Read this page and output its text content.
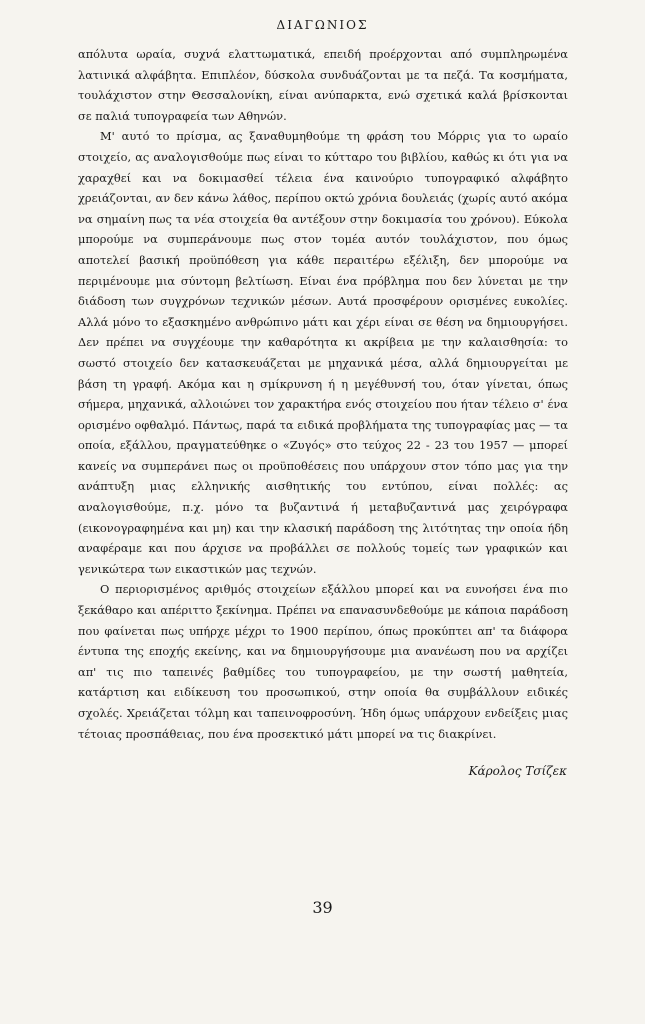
ΔΙΑΓΩΝΙΟΣ

απόλυτα ωραία, συχνά ελαττωματικά, επειδή προέρχονται από συμπληρωμένα λατινικά αλφάβητα. Επιπλέον, δύσκολα συνδυάζονται με τα πεζά. Τα κοσμήματα, τουλάχιστον στην Θεσσαλονίκη, είναι ανύπαρκτα, ενώ σχετικά καλά βρίσκονται σε παλιά τυπογραφεία των Αθηνών.

Μ' αυτό το πρίσμα, ας ξαναθυμηθούμε τη φράση του Μόρρις για το ωραίο στοιχείο, ας αναλογισθούμε πως είναι το κύτταρο του βιβλίου, καθώς κι ότι για να χαραχθεί και να δοκιμασθεί τέλεια ένα καινούριο τυπογραφικό αλφάβητο χρειάζονται, αν δεν κάνω λάθος, περίπου οκτώ χρόνια δουλειάς (χωρίς αυτό ακόμα να σημαίνη πως τα νέα στοιχεία θα αντέξουν στην δοκιμασία του χρόνου). Εύκολα μπορούμε να συμπεράνουμε πως στον τομέα αυτόν τουλάχιστον, που όμως αποτελεί βασική προϋπόθεση για κάθε περαιτέρω εξέλιξη, δεν μπορούμε να περιμένουμε μια σύντομη βελτίωση. Είναι ένα πρόβλημα που δεν λύνεται με την διάδοση των συγχρόνων τεχνικών μέσων. Αυτά προσφέρουν ορισμένες ευκολίες. Αλλά μόνο το εξασκημένο ανθρώπινο μάτι και χέρι είναι σε θέση να δημιουργήσει. Δεν πρέπει να συγχέουμε την καθαρότητα κι ακρίβεια με την καλαισθησία: το σωστό στοιχείο δεν κατασκευάζεται με μηχανικά μέσα, αλλά δημιουργείται με βάση τη γραφή. Ακόμα και η σμίκρυνση ή η μεγέθυνσή του, όταν γίνεται, όπως σήμερα, μηχανικά, αλλοιώνει τον χαρακτήρα ενός στοιχείου που ήταν τέλειο σ' ένα ορισμένο οφθαλμό. Πάντως, παρά τα ειδικά προβλήματα της τυπογραφίας μας — τα οποία, εξάλλου, πραγματεύθηκε ο «Ζυγός» στο τεύχος 22 - 23 του 1957 — μπορεί κανείς να συμπεράνει πως οι προϋποθέσεις που υπάρχουν στον τόπο μας για την ανάπτυξη μιας ελληνικής αισθητικής του εντύπου, είναι πολλές: ας αναλογισθούμε, π.χ. μόνο τα βυζαντινά ή μεταβυζαντινά μας χειρόγραφα (εικονογραφημένα και μη) και την κλασική παράδοση της λιτότητας την οποία ήδη αναφέραμε και που άρχισε να προβάλλει σε πολλούς τομείς των γραφικών και γενικώτερα των εικαστικών μας τεχνών.

Ο περιορισμένος αριθμός στοιχείων εξάλλου μπορεί και να ευνοήσει ένα πιο ξεκάθαρο και απέριττο ξεκίνημα. Πρέπει να επανασυνδεθούμε με κάποια παράδοση που φαίνεται πως υπήρχε μέχρι το 1900 περίπου, όπως προκύπτει απ' τα διάφορα έντυπα της εποχής εκείνης, και να δημιουργήσουμε μια ανανέωση που να αρχίζει απ' τις πιο ταπεινές βαθμίδες του τυπογραφείου, με την σωστή μαθητεία, κατάρτιση και ειδίκευση του προσωπικού, στην οποία θα συμβάλλουν ειδικές σχολές. Χρειάζεται τόλμη και ταπεινοφροσύνη. Ήδη όμως υπάρχουν ενδείξεις μιας τέτοιας προσπάθειας, που ένα προσεκτικό μάτι μπορεί να τις διακρίνει.

Κάρολος Τσίζεκ
39
